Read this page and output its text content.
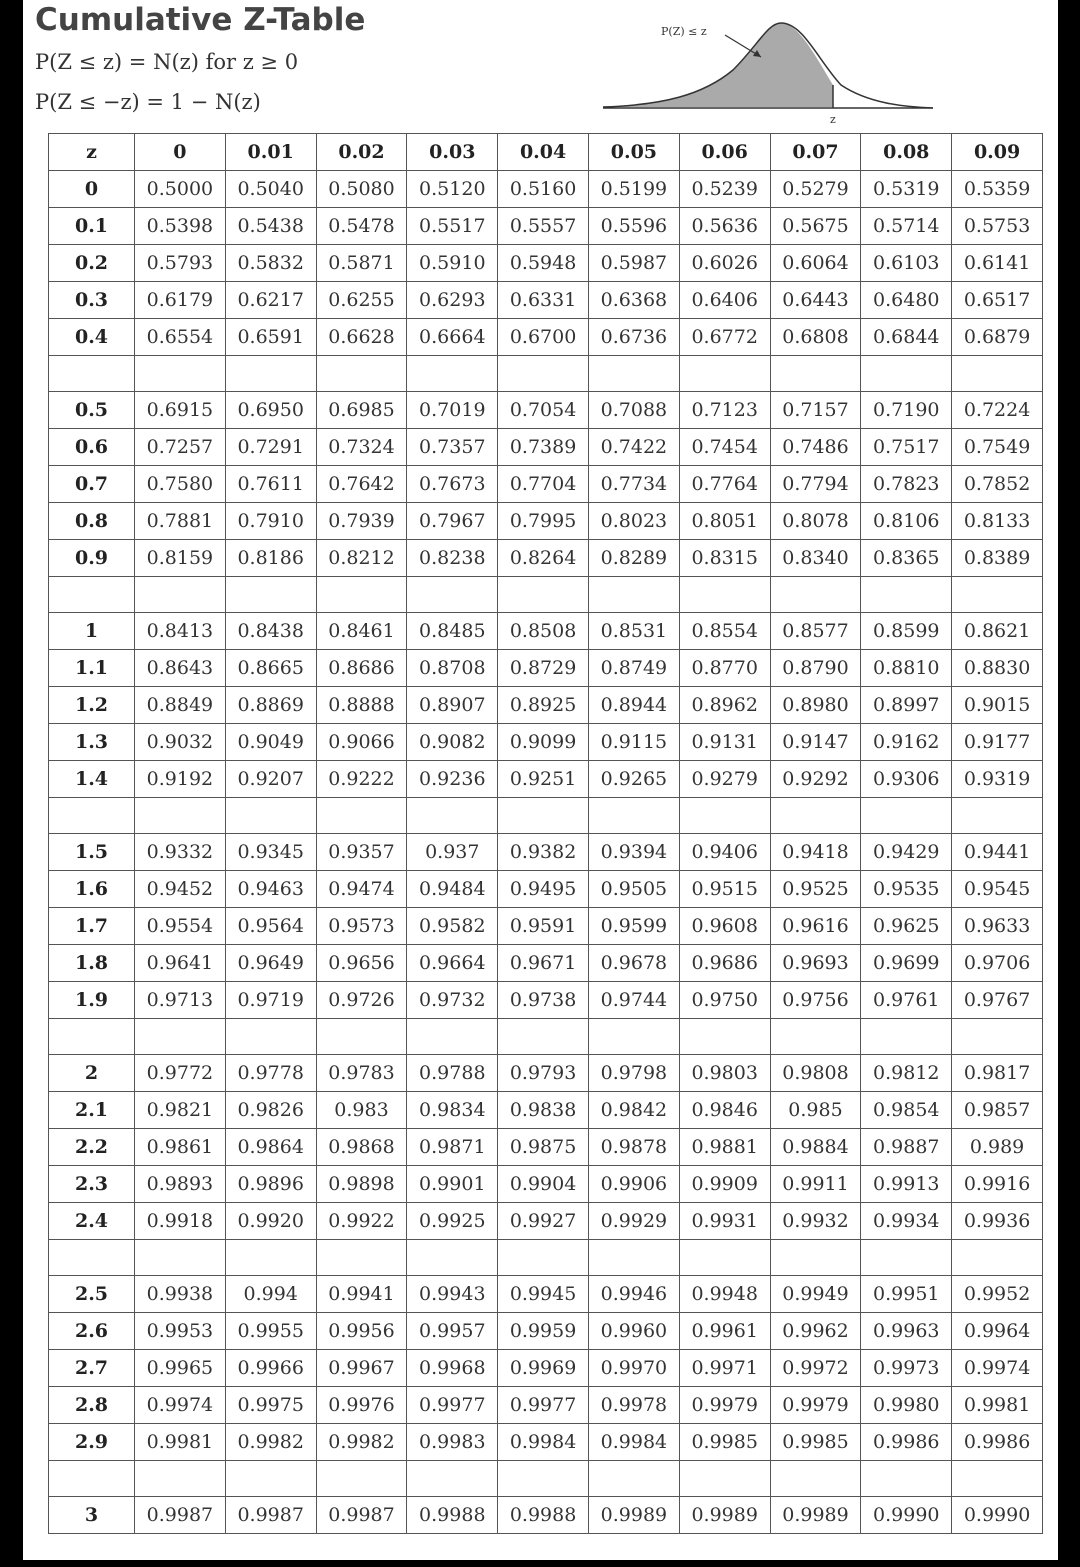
Cumulative Z-Table
P(Z ≤ z) = N(z) for z ≥ 0
P(Z ≤ −z) = 1 − N(z)
P(Z) ≤ z
z
z	0	0.01	0.02	0.03	0.04	0.05	0.06	0.07	0.08	0.09
0	0.5000	0.5040	0.5080	0.5120	0.5160	0.5199	0.5239	0.5279	0.5319	0.5359
0.1	0.5398	0.5438	0.5478	0.5517	0.5557	0.5596	0.5636	0.5675	0.5714	0.5753
0.2	0.5793	0.5832	0.5871	0.5910	0.5948	0.5987	0.6026	0.6064	0.6103	0.6141
0.3	0.6179	0.6217	0.6255	0.6293	0.6331	0.6368	0.6406	0.6443	0.6480	0.6517
0.4	0.6554	0.6591	0.6628	0.6664	0.6700	0.6736	0.6772	0.6808	0.6844	0.6879

0.5	0.6915	0.6950	0.6985	0.7019	0.7054	0.7088	0.7123	0.7157	0.7190	0.7224
0.6	0.7257	0.7291	0.7324	0.7357	0.7389	0.7422	0.7454	0.7486	0.7517	0.7549
0.7	0.7580	0.7611	0.7642	0.7673	0.7704	0.7734	0.7764	0.7794	0.7823	0.7852
0.8	0.7881	0.7910	0.7939	0.7967	0.7995	0.8023	0.8051	0.8078	0.8106	0.8133
0.9	0.8159	0.8186	0.8212	0.8238	0.8264	0.8289	0.8315	0.8340	0.8365	0.8389

1	0.8413	0.8438	0.8461	0.8485	0.8508	0.8531	0.8554	0.8577	0.8599	0.8621
1.1	0.8643	0.8665	0.8686	0.8708	0.8729	0.8749	0.8770	0.8790	0.8810	0.8830
1.2	0.8849	0.8869	0.8888	0.8907	0.8925	0.8944	0.8962	0.8980	0.8997	0.9015
1.3	0.9032	0.9049	0.9066	0.9082	0.9099	0.9115	0.9131	0.9147	0.9162	0.9177
1.4	0.9192	0.9207	0.9222	0.9236	0.9251	0.9265	0.9279	0.9292	0.9306	0.9319

1.5	0.9332	0.9345	0.9357	0.937	0.9382	0.9394	0.9406	0.9418	0.9429	0.9441
1.6	0.9452	0.9463	0.9474	0.9484	0.9495	0.9505	0.9515	0.9525	0.9535	0.9545
1.7	0.9554	0.9564	0.9573	0.9582	0.9591	0.9599	0.9608	0.9616	0.9625	0.9633
1.8	0.9641	0.9649	0.9656	0.9664	0.9671	0.9678	0.9686	0.9693	0.9699	0.9706
1.9	0.9713	0.9719	0.9726	0.9732	0.9738	0.9744	0.9750	0.9756	0.9761	0.9767

2	0.9772	0.9778	0.9783	0.9788	0.9793	0.9798	0.9803	0.9808	0.9812	0.9817
2.1	0.9821	0.9826	0.983	0.9834	0.9838	0.9842	0.9846	0.985	0.9854	0.9857
2.2	0.9861	0.9864	0.9868	0.9871	0.9875	0.9878	0.9881	0.9884	0.9887	0.989
2.3	0.9893	0.9896	0.9898	0.9901	0.9904	0.9906	0.9909	0.9911	0.9913	0.9916
2.4	0.9918	0.9920	0.9922	0.9925	0.9927	0.9929	0.9931	0.9932	0.9934	0.9936

2.5	0.9938	0.994	0.9941	0.9943	0.9945	0.9946	0.9948	0.9949	0.9951	0.9952
2.6	0.9953	0.9955	0.9956	0.9957	0.9959	0.9960	0.9961	0.9962	0.9963	0.9964
2.7	0.9965	0.9966	0.9967	0.9968	0.9969	0.9970	0.9971	0.9972	0.9973	0.9974
2.8	0.9974	0.9975	0.9976	0.9977	0.9977	0.9978	0.9979	0.9979	0.9980	0.9981
2.9	0.9981	0.9982	0.9982	0.9983	0.9984	0.9984	0.9985	0.9985	0.9986	0.9986

3	0.9987	0.9987	0.9987	0.9988	0.9988	0.9989	0.9989	0.9989	0.9990	0.9990
